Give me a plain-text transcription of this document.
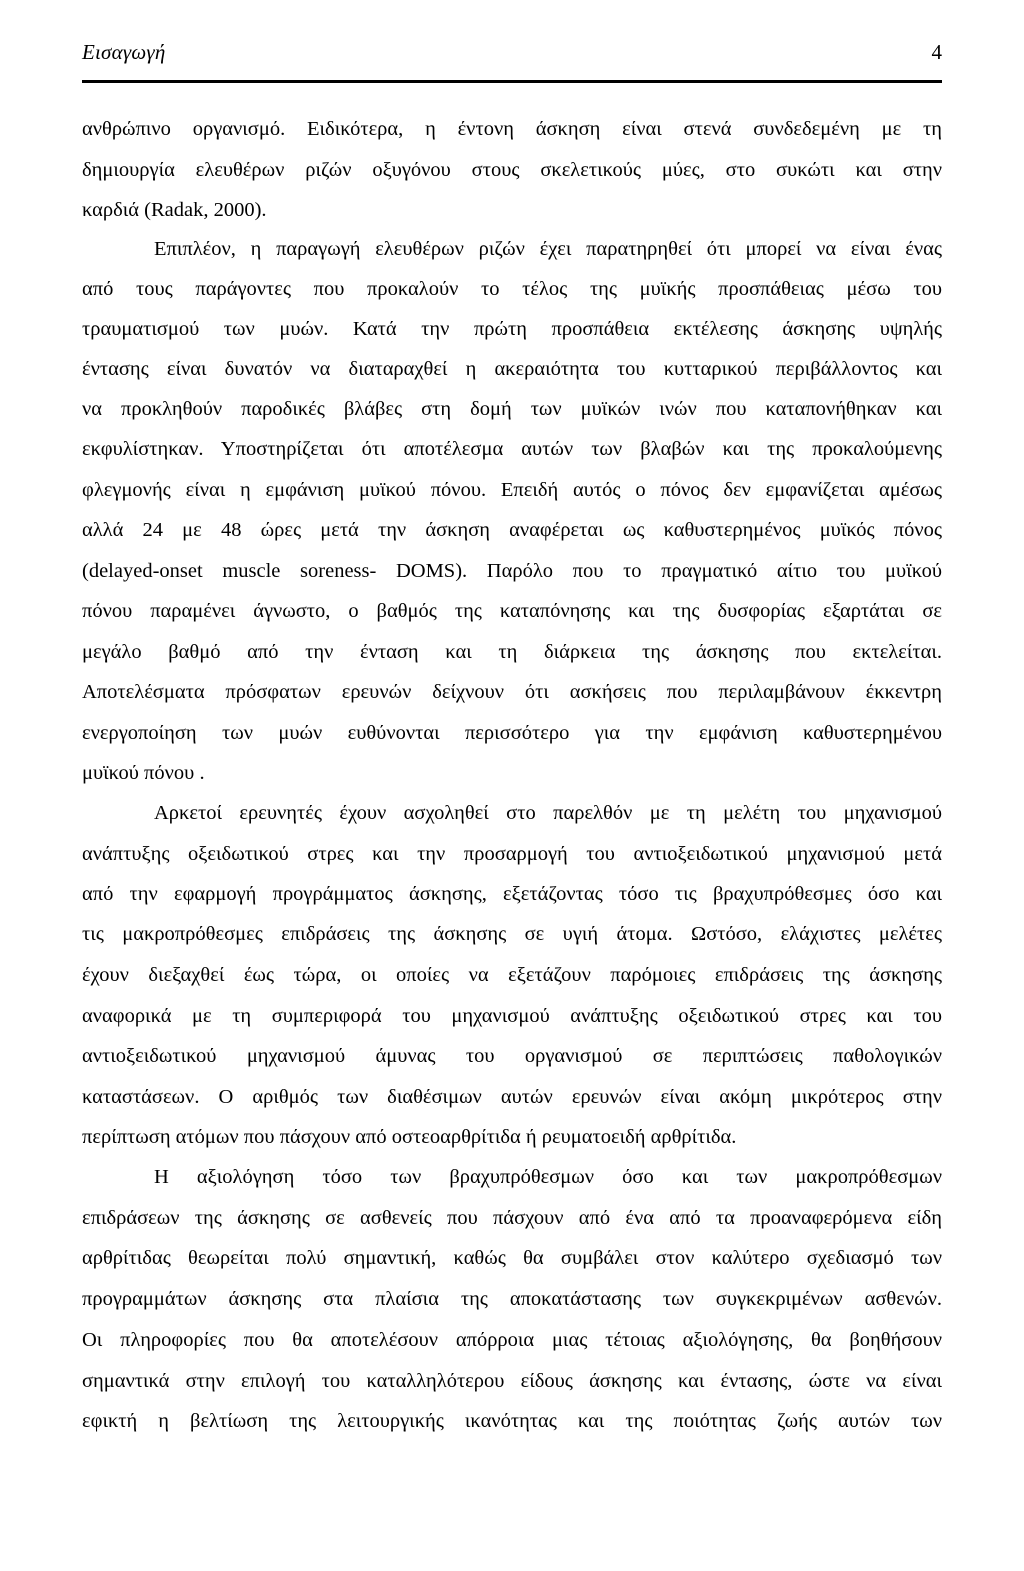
Εισαγωγή	4
ανθρώπινο οργανισμό. Ειδικότερα, η έντονη άσκηση είναι στενά συνδεδεμένη με τη
δημιουργία ελευθέρων ριζών οξυγόνου στους σκελετικούς μύες, στο συκώτι και στην
καρδιά (Radak, 2000).
Επιπλέον, η παραγωγή ελευθέρων ριζών έχει παρατηρηθεί ότι μπορεί να είναι ένας
από τους παράγοντες που προκαλούν το τέλος της μυϊκής προσπάθειας μέσω του
τραυματισμού των μυών. Κατά την πρώτη προσπάθεια εκτέλεσης άσκησης υψηλής
έντασης είναι δυνατόν να διαταραχθεί η ακεραιότητα του κυτταρικού περιβάλλοντος και
να προκληθούν παροδικές βλάβες στη δομή των μυϊκών ινών που καταπονήθηκαν και
εκφυλίστηκαν. Υποστηρίζεται ότι αποτέλεσμα αυτών των βλαβών και της προκαλούμενης
φλεγμονής είναι η εμφάνιση μυϊκού πόνου. Επειδή αυτός ο πόνος δεν εμφανίζεται αμέσως
αλλά 24 με 48 ώρες μετά την άσκηση αναφέρεται ως καθυστερημένος μυϊκός πόνος
(delayed-onset muscle soreness- DOMS). Παρόλο που το πραγματικό αίτιο του μυϊκού
πόνου παραμένει άγνωστο, ο βαθμός της καταπόνησης και της δυσφορίας εξαρτάται σε
μεγάλο βαθμό από την ένταση και τη διάρκεια της άσκησης που εκτελείται.
Αποτελέσματα πρόσφατων ερευνών δείχνουν ότι ασκήσεις που περιλαμβάνουν έκκεντρη
ενεργοποίηση των μυών ευθύνονται περισσότερο για την εμφάνιση καθυστερημένου
μυϊκού πόνου .
Αρκετοί ερευνητές έχουν ασχοληθεί στο παρελθόν με τη μελέτη του μηχανισμού
ανάπτυξης οξειδωτικού στρες και την προσαρμογή του αντιοξειδωτικού μηχανισμού μετά
από την εφαρμογή προγράμματος άσκησης, εξετάζοντας τόσο τις βραχυπρόθεσμες όσο και
τις μακροπρόθεσμες επιδράσεις της άσκησης σε υγιή άτομα. Ωστόσο, ελάχιστες μελέτες
έχουν διεξαχθεί έως τώρα, οι οποίες να εξετάζουν παρόμοιες επιδράσεις της άσκησης
αναφορικά με τη συμπεριφορά του μηχανισμού ανάπτυξης οξειδωτικού στρες και του
αντιοξειδωτικού μηχανισμού άμυνας του οργανισμού σε περιπτώσεις παθολογικών
καταστάσεων. Ο αριθμός των διαθέσιμων αυτών ερευνών είναι ακόμη μικρότερος στην
περίπτωση ατόμων που πάσχουν από οστεοαρθρίτιδα ή ρευματοειδή αρθρίτιδα.
Η αξιολόγηση τόσο των βραχυπρόθεσμων όσο και των μακροπρόθεσμων
επιδράσεων της άσκησης σε ασθενείς που πάσχουν από ένα από τα προαναφερόμενα είδη
αρθρίτιδας θεωρείται πολύ σημαντική, καθώς θα συμβάλει στον καλύτερο σχεδιασμό των
προγραμμάτων άσκησης στα πλαίσια της αποκατάστασης των συγκεκριμένων ασθενών.
Οι πληροφορίες που θα αποτελέσουν απόρροια μιας τέτοιας αξιολόγησης, θα βοηθήσουν
σημαντικά στην επιλογή του καταλληλότερου είδους άσκησης και έντασης, ώστε να είναι
εφικτή η βελτίωση της λειτουργικής ικανότητας και της ποιότητας ζωής αυτών των
